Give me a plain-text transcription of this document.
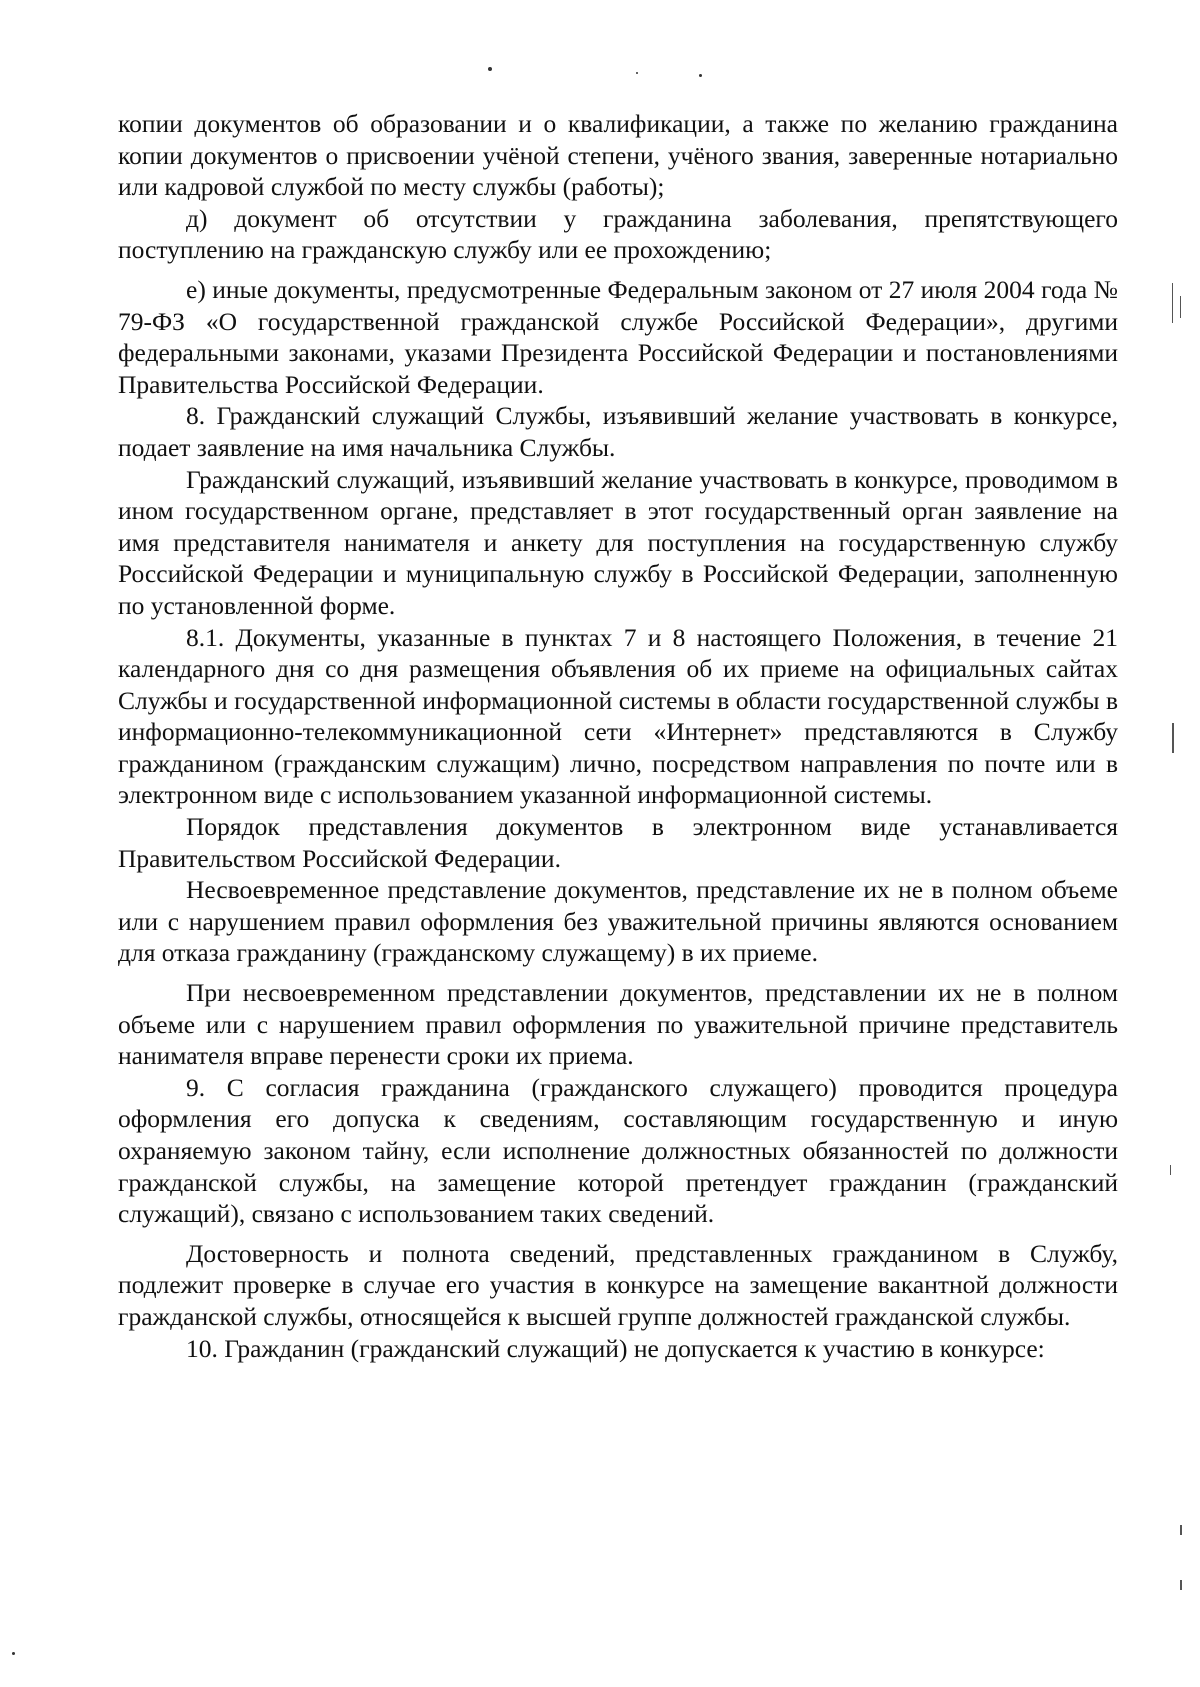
копии документов об образовании и о квалификации, а также по желанию гражданина копии документов о присвоении учёной степени, учёного звания, заверенные нотариально или кадровой службой по месту службы (работы);

д) документ об отсутствии у гражданина заболевания, препятствующего поступлению на гражданскую службу или ее прохождению;

е) иные документы, предусмотренные Федеральным законом от 27 июля 2004 года № 79-ФЗ «О государственной гражданской службе Российской Федерации», другими федеральными законами, указами Президента Российской Федерации и постановлениями Правительства Российской Федерации.

8. Гражданский служащий Службы, изъявивший желание участвовать в конкурсе, подает заявление на имя начальника Службы.

Гражданский служащий, изъявивший желание участвовать в конкурсе, проводимом в ином государственном органе, представляет в этот государственный орган заявление на имя представителя нанимателя и анкету для поступления на государственную службу Российской Федерации и муниципальную службу в Российской Федерации, заполненную по установленной форме.

8.1. Документы, указанные в пунктах 7 и 8 настоящего Положения, в течение 21 календарного дня со дня размещения объявления об их приеме на официальных сайтах Службы и государственной информационной системы в области государственной службы в информационно-телекоммуникационной сети «Интернет» представляются в Службу гражданином (гражданским служащим) лично, посредством направления по почте или в электронном виде с использованием указанной информационной системы.

Порядок представления документов в электронном виде устанавливается Правительством Российской Федерации.

Несвоевременное представление документов, представление их не в полном объеме или с нарушением правил оформления без уважительной причины являются основанием для отказа гражданину (гражданскому служащему) в их приеме.

При несвоевременном представлении документов, представлении их не в полном объеме или с нарушением правил оформления по уважительной причине представитель нанимателя вправе перенести сроки их приема.

9. С согласия гражданина (гражданского служащего) проводится процедура оформления его допуска к сведениям, составляющим государственную и иную охраняемую законом тайну, если исполнение должностных обязанностей по должности гражданской службы, на замещение которой претендует гражданин (гражданский служащий), связано с использованием таких сведений.

Достоверность и полнота сведений, представленных гражданином в Службу, подлежит проверке в случае его участия в конкурсе на замещение вакантной должности гражданской службы, относящейся к высшей группе должностей гражданской службы.

10. Гражданин (гражданский служащий) не допускается к участию в конкурсе:
